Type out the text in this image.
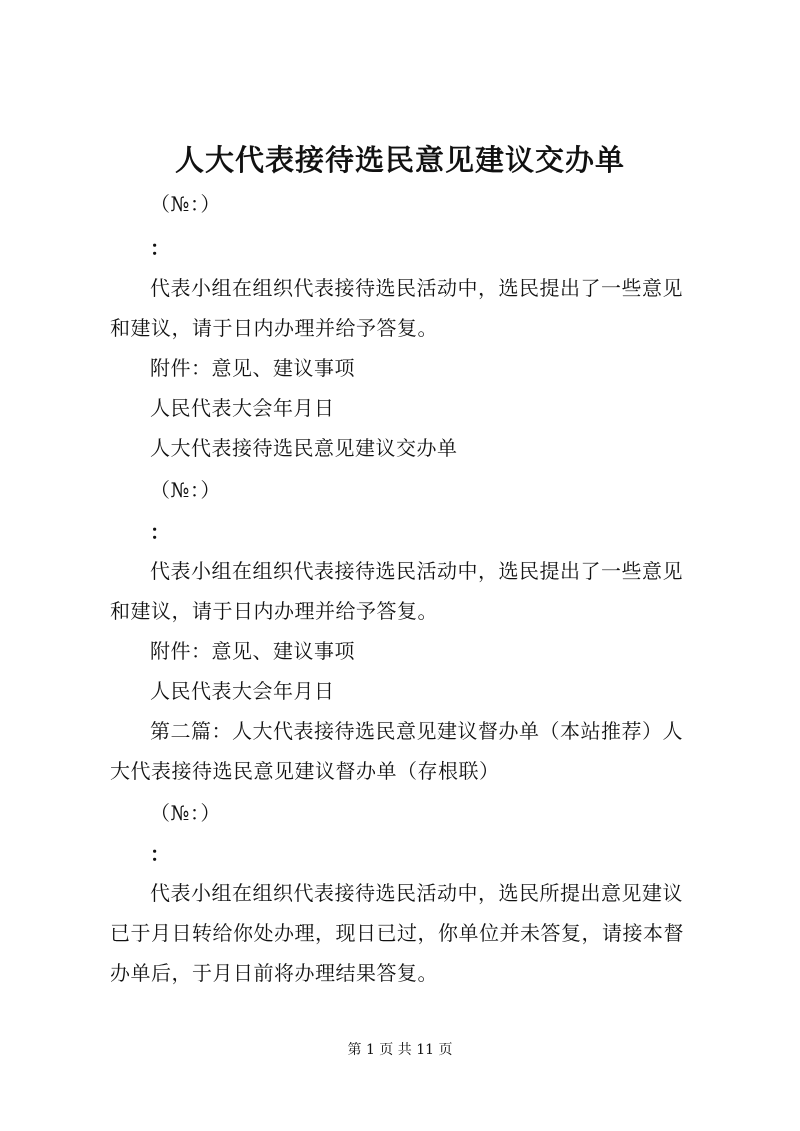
人大代表接待选民意见建议交办单
（№：）
：
代表小组在组织代表接待选民活动中，选民提出了一些意见
和建议，请于日内办理并给予答复。
附件：意见、建议事项
人民代表大会年月日
人大代表接待选民意见建议交办单
（№：）
：
代表小组在组织代表接待选民活动中，选民提出了一些意见
和建议，请于日内办理并给予答复。
附件：意见、建议事项
人民代表大会年月日
第二篇：人大代表接待选民意见建议督办单（本站推荐）人
大代表接待选民意见建议督办单（存根联）
（№：）
：
代表小组在组织代表接待选民活动中，选民所提出意见建议
已于月日转给你处办理，现日已过，你单位并未答复，请接本督
办单后，于月日前将办理结果答复。
第 1 页 共 11 页
